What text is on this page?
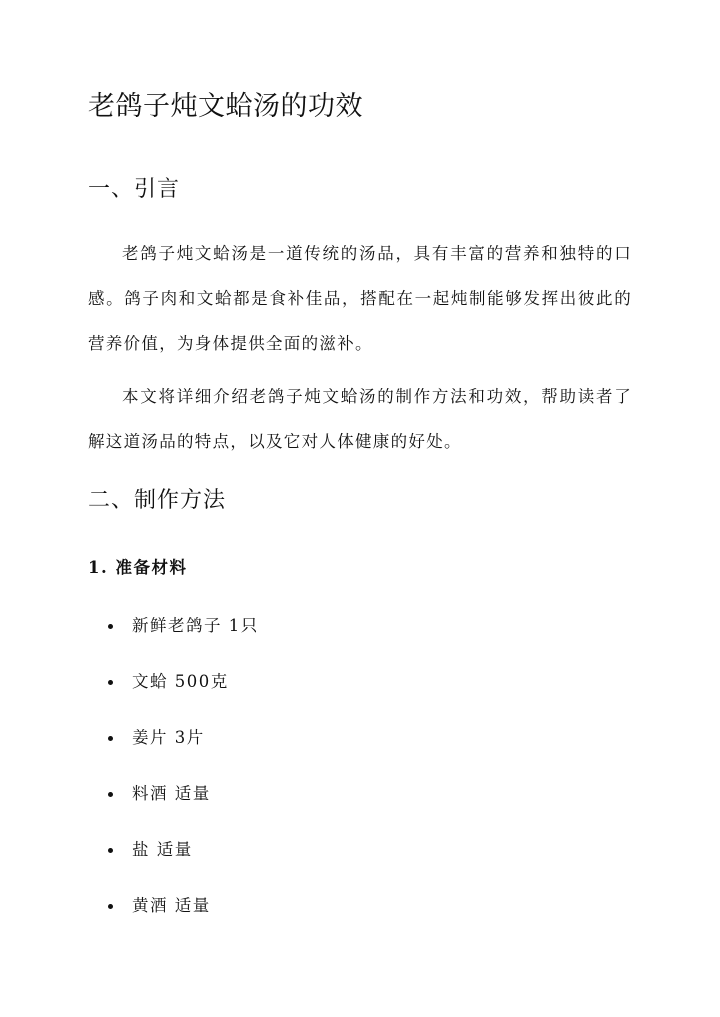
老鸽子炖文蛤汤的功效
一、引言

老鸽子炖文蛤汤是一道传统的汤品，具有丰富的营养和独特的口感。鸽子肉和文蛤都是食补佳品，搭配在一起炖制能够发挥出彼此的营养价值，为身体提供全面的滋补。

本文将详细介绍老鸽子炖文蛤汤的制作方法和功效，帮助读者了解这道汤品的特点，以及它对人体健康的好处。

二、制作方法
1. 准备材料
新鲜老鸽子 1只
文蛤 500克
姜片 3片
料酒 适量
盐 适量
黄酒 适量
